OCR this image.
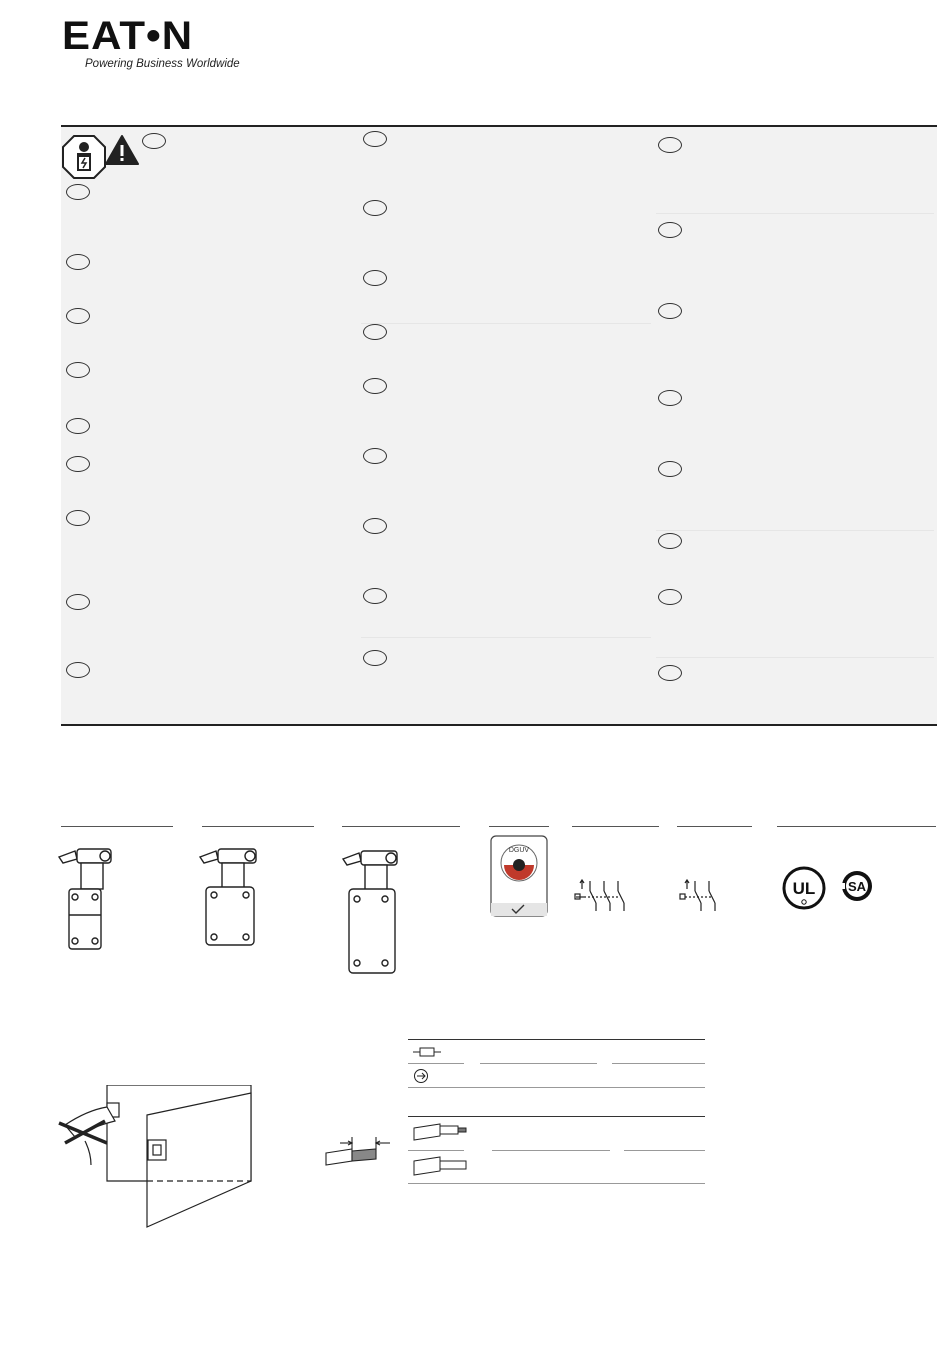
EAT•N
Powering Business Worldwide
DGUV
UL	SA
